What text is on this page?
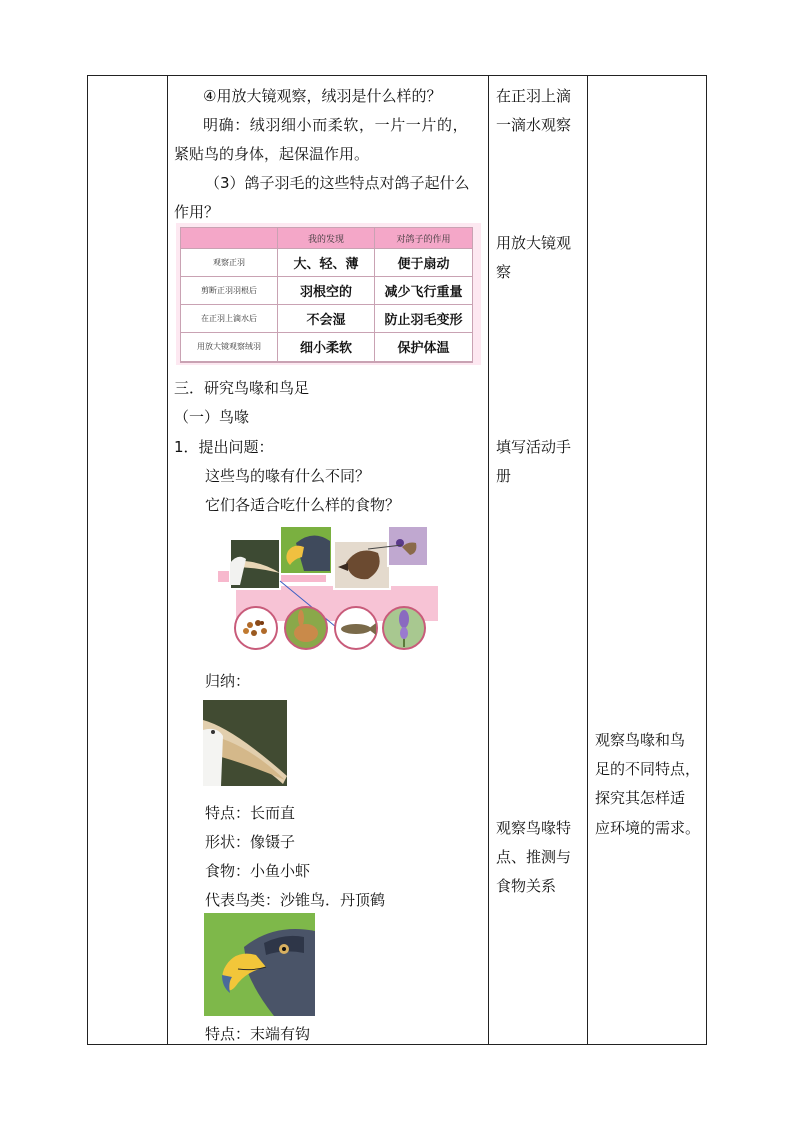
④用放大镜观察，绒羽是什么样的？
明确：绒羽细小而柔软，一片一片的，
紧贴鸟的身体，起保温作用。
（3）鸽子羽毛的这些特点对鸽子起什么
作用？
	我的发现	对鸽子的作用
观察正羽	大、轻、薄	便于扇动
剪断正羽羽根后	羽根空的	减少飞行重量
在正羽上滴水后	不会湿	防止羽毛变形
用放大镜观察绒羽	细小柔软	保护体温

三．研究鸟喙和鸟足
（一）鸟喙
1．提出问题：
这些鸟的喙有什么不同？
它们各适合吃什么样的食物？
归纳：
特点：长而直
形状：像镊子
食物：小鱼小虾
代表鸟类：沙锥鸟．丹顶鹤
特点：末端有钩
在正羽上滴
一滴水观察
用放大镜观
察
填写活动手
册
观察鸟喙特
点、推测与
食物关系
观察鸟喙和鸟
足的不同特点，
探究其怎样适
应环境的需求。
